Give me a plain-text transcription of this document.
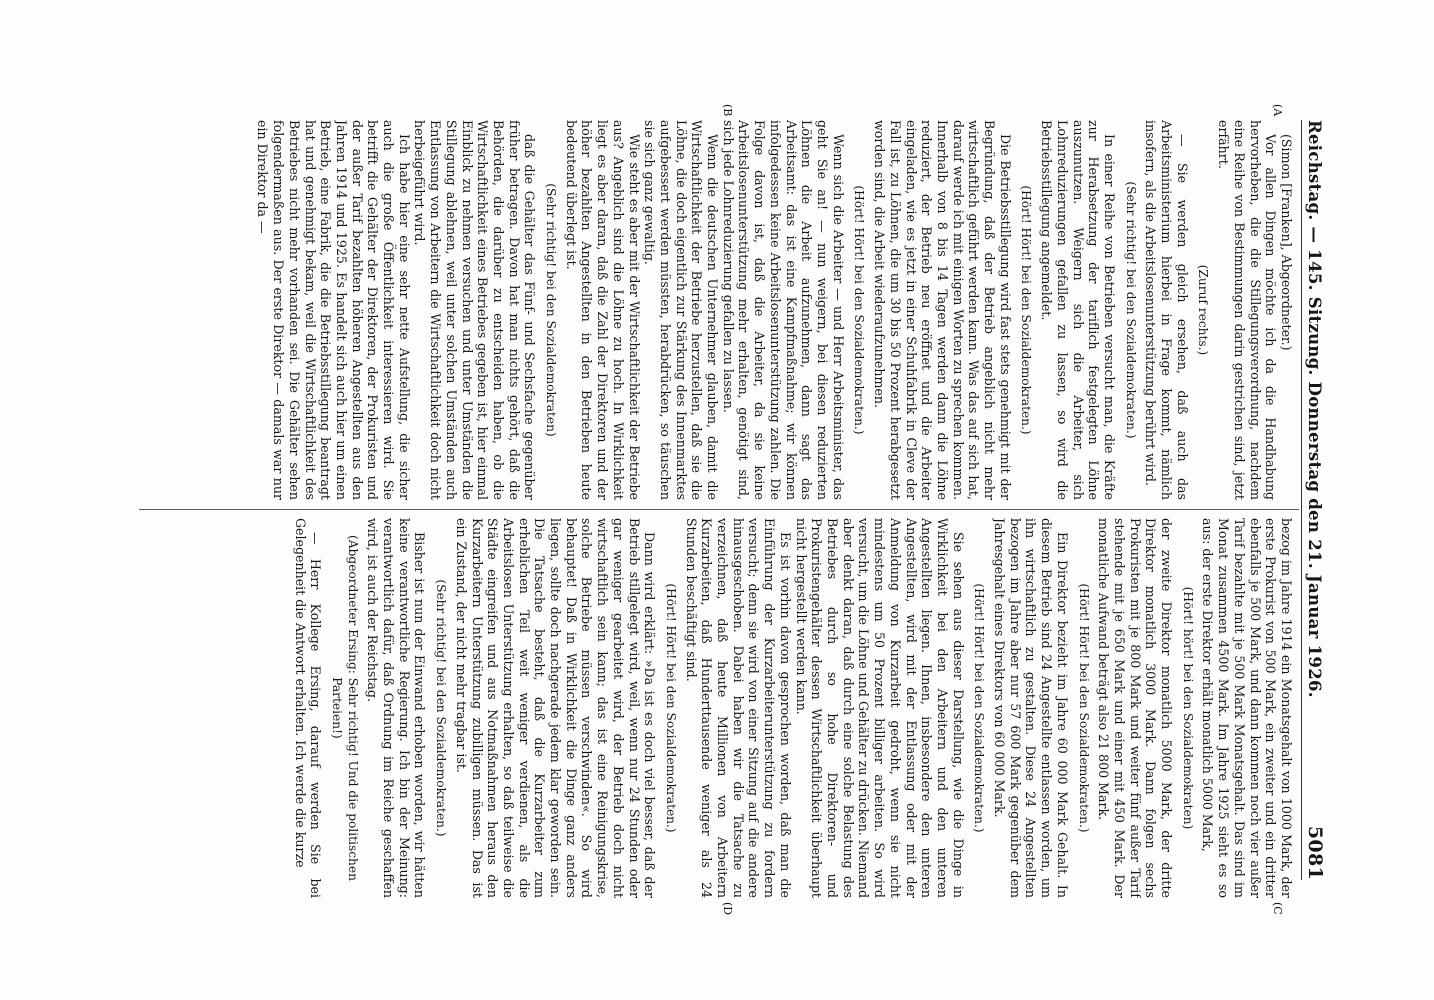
Reichstag. — 145. Sitzung. Donnerstag den 21. Januar 1926.
5081
(A
(B
(C
(D

(Simon [Franken], Abgeordneter.)

Vor allen Dingen möchte ich da die Handhabung hervorheben, die die Stillegungsverordnung, nachdem eine Reihe von Bestimmungen darin gestrichen sind, jetzt erfährt.

(Zuruf rechts.)

— Sie werden gleich ersehen, daß auch das Arbeitsministerium hierbei in Frage kommt, nämlich insofern, als die Arbeitslosenunterstützung berührt wird.

(Sehr richtig! bei den Sozialdemokraten.)

In einer Reihe von Betrieben versucht man, die Kräfte zur Herabsetzung der tariflich festgelegten Löhne auszunutzen. Weigern sich die Arbeiter, sich Lohnreduzierungen gefallen zu lassen, so wird die Betriebsstillegung angemeldet.

(Hört! Hört! bei den Sozialdemokraten.)

Die Betriebsstillegung wird fast stets genehmigt mit der Begründung, daß der Betrieb angeblich nicht mehr wirtschaftlich geführt werden kann. Was das auf sich hat, darauf werde ich mit einigen Worten zu sprechen kommen. Innerhalb von 8 bis 14 Tagen werden dann die Löhne reduziert, der Betrieb neu eröffnet und die Arbeiter eingeladen, wie es jetzt in einer Schuhfabrik in Cleve der Fall ist, zu Löhnen, die um 30 bis 50 Prozent herabgesetzt worden sind, die Arbeit wiederaufzunehmen.

(Hört! Hört! bei den Sozialdemokraten.)

Wenn sich die Arbeiter — und Herr Arbeitsminister, das geht Sie an! — nun weigern, bei diesen reduzierten Löhnen die Arbeit aufzunehmen, dann sagt das Arbeitsamt: das ist eine Kampfmaßnahme; wir können infolgedessen keine Arbeitslosenunterstützung zahlen. Die Folge davon ist, daß die Arbeiter, da sie keine Arbeitslosenunterstützung mehr erhalten, genötigt sind, sich jede Lohnreduzierung gefallen zu lassen.

Wenn die deutschen Unternehmer glauben, damit die Wirtschaftlichkeit der Betriebe herzustellen, daß sie die Löhne, die doch eigentlich zur Stärkung des Innenmarktes aufgebessert werden müssten, herabdrücken, so täuschen sie sich ganz gewaltig.

Wie steht es aber mit der Wirtschaftlichkeit der Betriebe aus? Angeblich sind die Löhne zu hoch. In Wirklichkeit liegt es aber daran, daß die Zahl der Direktoren und der höher bezahlten Angestellten in den Betrieben heute bedeutend überlegt ist.

(Sehr richtig! bei den Sozialdemokraten)

daß die Gehälter das Fünf- und Sechsfache gegenüber früher betragen. Davon hat man nichts gehört, daß die Behörden, die darüber zu entscheiden haben, ob die Wirtschaftlichkeit eines Betriebes gegeben ist, hier einmal Einblick zu nehmen versuchen und unter Umständen die Stillegung ablehnen, weil unter solchen Umständen auch Entlassung von Arbeitern die Wirtschaftlichkeit doch nicht herbeigeführt wird.

Ich habe hier eine sehr nette Aufstellung, die sicher auch die große Öffentlichkeit interessieren wird. Sie betrifft die Gehälter der Direktoren, der Prokuristen und der außer Tarif bezahlten höheren Angestellten aus den Jahren 1914 und 1925. Es handelt sich auch hier um einen Betrieb, eine Fabrik, die die Betriebsstillegung beantragt hat und genehmigt bekam, weil die Wirtschaftlichkeit des Betriebes nicht mehr vorhanden sei. Die Gehälter sehen folgendermaßen aus. Der erste Direktor — damals war nur ein Direktor da —

bezog im Jahre 1914 ein Monatsgehalt von 1000 Mark, der erste Prokurist von 500 Mark, ein zweiter und ein dritter ebenfalls je 500 Mark, und dann kommen noch vier außer Tarif bezahlte mit je 500 Mark Monatsgehalt. Das sind im Monat zusammen 4500 Mark. Im Jahre 1925 sieht es so aus: der erste Direktor erhält monatlich 5000 Mark,

(Hört! hört! bei den Sozialdemokraten)

der zweite Direktor monatlich 5000 Mark, der dritte Direktor monatlich 3000 Mark. Dann folgen sechs Prokuristen mit je 800 Mark und weiter fünf außer Tarif stehende mit je 650 Mark und einer mit 450 Mark. Der monatliche Aufwand beträgt also 21 800 Mark.

(Hört! Hört! bei den Sozialdemokraten.)

Ein Direktor bezieht im Jahre 60 000 Mark Gehalt. In diesem Betrieb sind 24 Angestellte entlassen worden, um ihn wirtschaftlich zu gestalten. Diese 24 Angestellten bezogen im Jahre aber nur 57 600 Mark gegenüber dem Jahresgehalt eines Direktors von 60 000 Mark.

(Hört! Hört! bei den Sozialdemokraten.)

Sie sehen aus dieser Darstellung, wie die Dinge in Wirklichkeit bei den Arbeitern und den unteren Angestellten liegen. Ihnen, insbesondere den unteren Angestellten, wird mit der Entlassung oder mit der Anmeldung von Kurzarbeit gedroht, wenn sie nicht mindestens um 50 Prozent billiger arbeiten. So wird versucht, um die Löhne und Gehälter zu drücken. Niemand aber denkt daran, daß durch eine solche Belastung des Betriebes durch so hohe Direktoren- und Prokuristengehälter dessen Wirtschaftlichkeit überhaupt nicht hergestellt werden kann.

Es ist vorhin davon gesprochen worden, daß man die Einführung der Kurzarbeiterunterstützung zu fordern versucht; denn sie wird von einer Sitzung auf die andere hinausgeschoben. Dabei haben wir die Tatsache zu verzeichnen, daß heute Millionen von Arbeitern Kurzarbeiten, daß Hunderttausende weniger als 24 Stunden beschäftigt sind.

(Hört! Hört! bei den Sozialdemokraten.)

Dann wird erklärt: »Da ist es doch viel besser, daß der Betrieb stillgelegt wird, weil, wenn nur 24 Stunden oder gar weniger gearbeitet wird, der Betrieb doch nicht wirtschaftlich sein kann; das ist eine Reinigungskrise, solche Betriebe müssen verschwinden«. So wird behauptet! Daß in Wirklichkeit die Dinge ganz anders liegen, sollte doch nachgerade jedem klar geworden sein. Die Tatsache besteht, daß die Kurzarbeiter zum erheblichen Teil weit weniger verdienen, als die Arbeitslosen Unterstützung erhalten, so daß teilweise die Städte eingreifen und aus Notmaßnahmen heraus den Kurzarbeitern Unterstützung zubilligen müssen. Das ist ein Zustand, der nicht mehr tragbar ist.

(Sehr richtig! bei den Sozialdemokraten.)

Bisher ist nun der Einwand erhoben worden, wir hätten keine verantwortliche Regierung. Ich bin der Meinung: verantwortlich dafür, daß Ordnung im Reiche geschaffen wird, ist auch der Reichstag.

(Abgeordneter Ersing: Sehr richtig! Und die politischen Parteien!)

— Herr Kollege Ersing, darauf werden Sie bei Gelegenheit die Antwort erhalten. Ich werde die kurze
